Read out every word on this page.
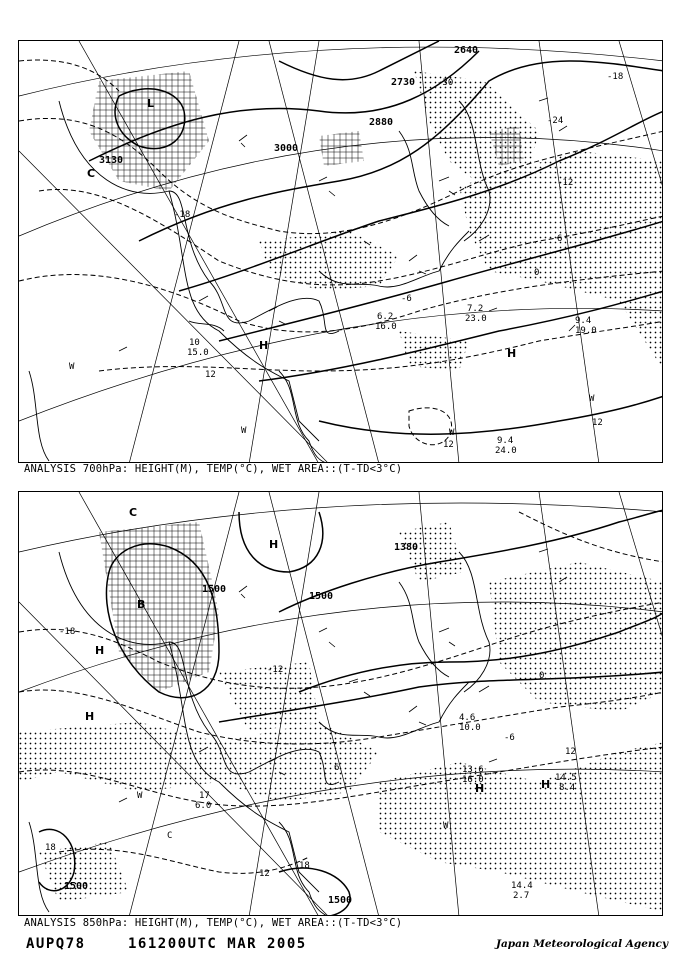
3130
3000
2880
2730
2640
-30
-24
-18
-12
-6
0
6
12
12
12
-18
L
C
H
H
W
W	W
W
9.4
24.0
7.2
23.0	9.4
19.0
10
15.0
6.2
16.0
ANALYSIS 700hPa: HEIGHT(M), TEMP(°C), WET AREA::(T-TD<3°C)
1500
1500
1380
1500
1500
-18
-12
-6
0
6
12
18
18
12
C
B
H
H
H
H
W
W
C
H
13.6
16.0	14.5
8.4
17
6.0
14.4
2.7
4.6
10.0
ANALYSIS 850hPa: HEIGHT(M), TEMP(°C), WET AREA::(T-TD<3°C)
AUPQ78	161200UTC MAR 2005	Japan Meteorological Agency
